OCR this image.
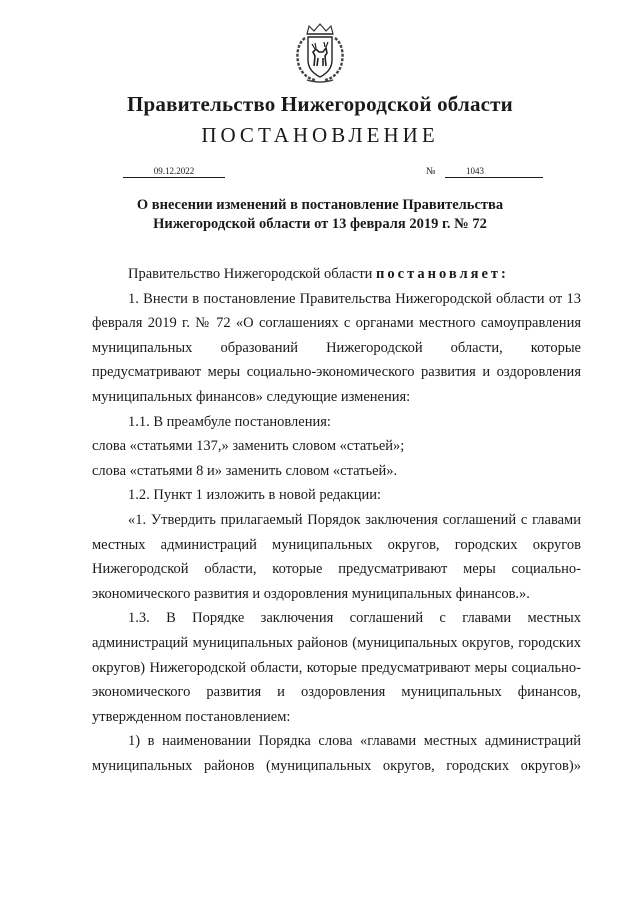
Правительство Нижегородской области
ПОСТАНОВЛЕНИЕ
09.12.2022	№	1043
О внесении изменений в постановление Правительства
Нижегородской области от 13 февраля 2019 г. № 72

Правительство Нижегородской области постановляет:

1. Внести в постановление Правительства Нижегородской области от 13 февраля 2019 г. № 72 «О соглашениях с органами местного самоуправления муниципальных образований Нижегородской области, которые предусматривают меры социально-экономического развития и оздоровления муниципальных финансов» следующие изменения:

1.1. В преамбуле постановления:

слова «статьями 137,» заменить словом «статьей»;

слова «статьями 8 и» заменить словом «статьей».

1.2. Пункт 1 изложить в новой редакции:

«1. Утвердить прилагаемый Порядок заключения соглашений с главами местных администраций муниципальных округов, городских округов Нижегородской области, которые предусматривают меры социально-экономического развития и оздоровления муниципальных финансов.».

1.3. В Порядке заключения соглашений с главами местных администраций муниципальных районов (муниципальных округов, городских округов) Нижегородской области, которые предусматривают меры социально-экономического развития и оздоровления муниципальных финансов, утвержденном постановлением:

1) в наименовании Порядка слова «главами местных администраций муниципальных районов (муниципальных округов, городских округов)»
